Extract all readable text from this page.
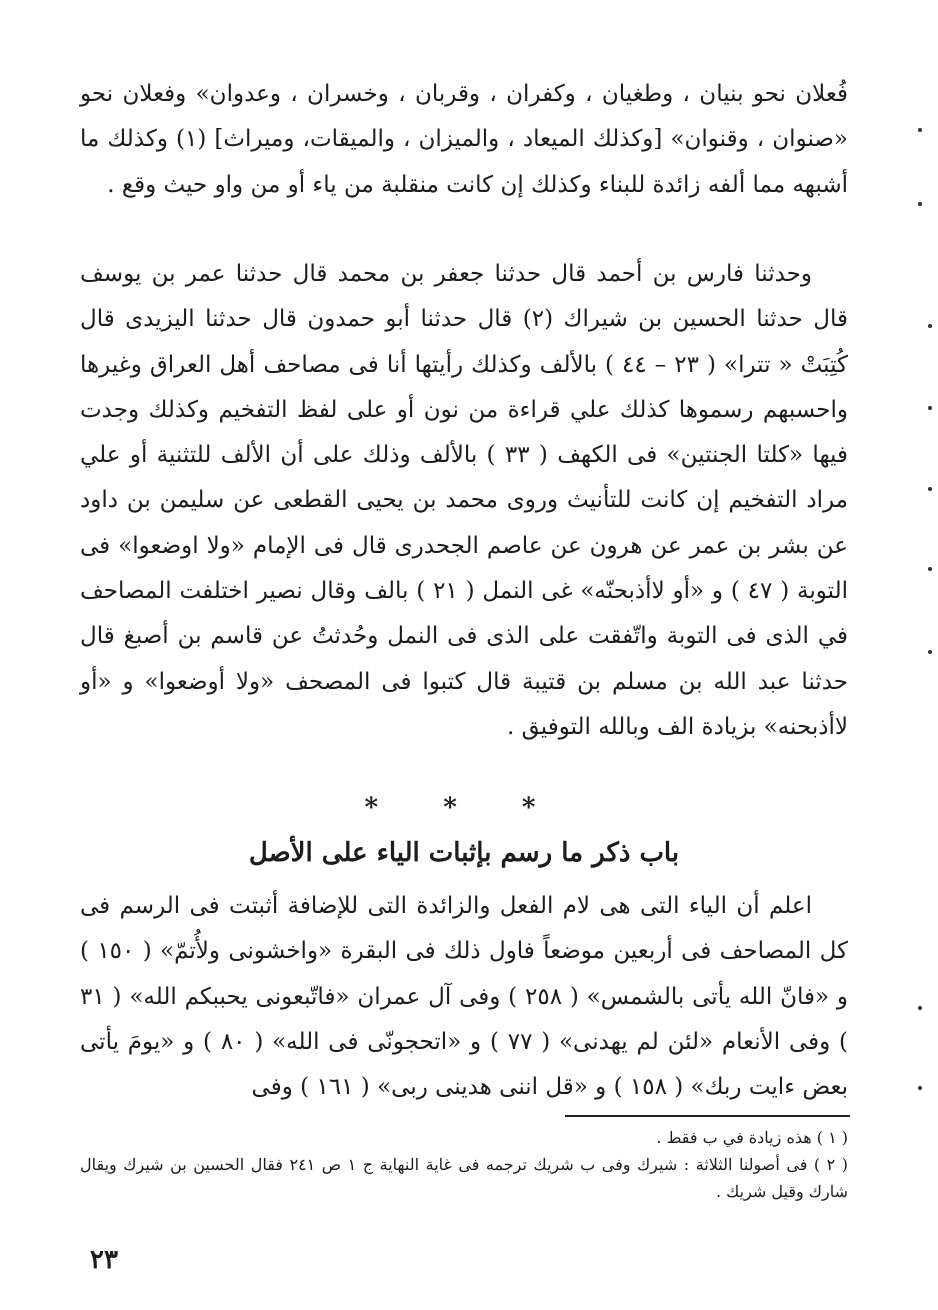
فُعلان نحو بنيان ، وطغيان ، وكفران ، وقربان ، وخسران ، وعدوان» وفعلان نحو «صنوان ، وقنوان» [وكذلك الميعاد ، والميزان ، والميقات، وميراث] (١) وكذلك ما أشبهه مما ألفه زائدة للبناء وكذلك إن كانت منقلبة من ياء أو من واو حيث وقع .

وحدثنا فارس بن أحمد قال حدثنا جعفر بن محمد قال حدثنا عمر بن يوسف قال حدثنا الحسين بن شيراك (٢) قال حدثنا أبو حمدون قال حدثنا اليزيدى قال كُتِبَتْ « تترا» ( ٢٣ – ٤٤ ) بالألف وكذلك رأيتها أنا فى مصاحف أهل العراق وغيرها واحسبهم رسموها كذلك علي قراءة من نون أو على لفظ التفخيم وكذلك وجدت فيها «كلتا الجنتين» فى الكهف ( ٣٣ ) بالألف وذلك على أن الألف للتثنية أو علي مراد التفخيم إن كانت للتأنيث وروى محمد بن يحيى القطعى عن سليمن بن داود عن بشر بن عمر عن هرون عن عاصم الجحدرى قال فى الإمام «ولا اوضعوا» فى التوبة ( ٤٧ ) و «أو لاأذبحنّه» غى النمل ( ٢١ ) بالف وقال نصير اختلفت المصاحف في الذى فى التوبة واتّفقت على الذى فى النمل وحُدثتُ عن قاسم بن أصبغ قال حدثنا عبد الله بن مسلم بن قتيبة قال كتبوا فى المصحف «ولا أوضعوا» و «أو لاأذبحنه» بزيادة الف وبالله التوفيق .

* * *
باب ذكر ما رسم بإثبات الياء على الأصل

اعلم أن الياء التى هى لام الفعل والزائدة التى للإضافة أثبتت فى الرسم فى كل المصاحف فى أربعين موضعاً فاول ذلك فى البقرة «واخشونى ولأُتمّ» ( ١٥٠ ) و «فانّ الله يأتى بالشمس» ( ٢٥٨ ) وفى آل عمران «فاتّبعونى يحببكم الله» ( ٣١ ) وفى الأنعام «لئن لم يهدنى» ( ٧٧ ) و «اتحجونّى فى الله» ( ٨٠ ) و «يومَ يأتى بعض ءايت ربك» ( ١٥٨ ) و «قل اننى هدينى ربى» ( ١٦١ ) وفى

( ١ ) هذه زيادة في ب فقط .

( ٢ ) فى أصولنا الثلاثة : شيرك وفى ب شريك ترجمه فى غاية النهاية ج ١ ص ٢٤١ فقال الحسين بن شيرك ويقال شارك وقيل شريك .

٢٣
